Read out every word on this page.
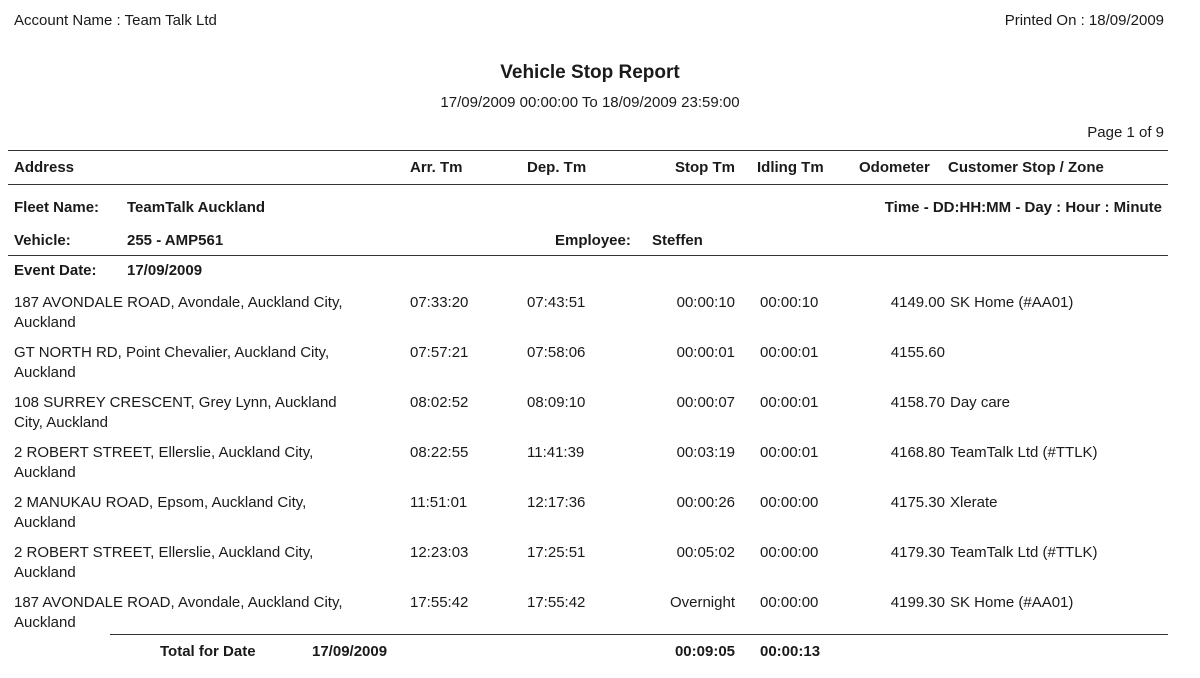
Account Name : Team Talk Ltd	Printed On : 18/09/2009
Vehicle Stop Report
17/09/2009 00:00:00 To 18/09/2009 23:59:00
Page 1 of 9
Address	Arr. Tm	Dep. Tm	Stop Tm Idling Tm Odometer Customer Stop / Zone
Fleet Name: TeamTalk Auckland	Time - DD:HH:MM - Day : Hour : Minute
Vehicle:	255 - AMP561	Employee: Steffen
Event Date: 17/09/2009
187 AVONDALE ROAD, Avondale, Auckland City,
Auckland
07:33:20	07:43:51	00:00:10 00:00:10	4149.00 SK Home (#AA01)
GT NORTH RD, Point Chevalier, Auckland City,
Auckland
07:57:21	07:58:06	00:00:01 00:00:01	4155.60
108 SURREY CRESCENT, Grey Lynn, Auckland
City, Auckland
08:02:52	08:09:10	00:00:07 00:00:01	4158.70 Day care
2 ROBERT STREET, Ellerslie, Auckland City,
Auckland
08:22:55	11:41:39	00:03:19 00:00:01	4168.80 TeamTalk Ltd (#TTLK)
2 MANUKAU ROAD, Epsom, Auckland City,
Auckland
11:51:01	12:17:36	00:00:26 00:00:00	4175.30 Xlerate
2 ROBERT STREET, Ellerslie, Auckland City,
Auckland
12:23:03	17:25:51	00:05:02 00:00:00	4179.30 TeamTalk Ltd (#TTLK)
187 AVONDALE ROAD, Avondale, Auckland City,
Auckland
17:55:42	17:55:42	Overnight 00:00:00	4199.30 SK Home (#AA01)
Total for Date	17/09/2009	00:09:05 00:00:13
